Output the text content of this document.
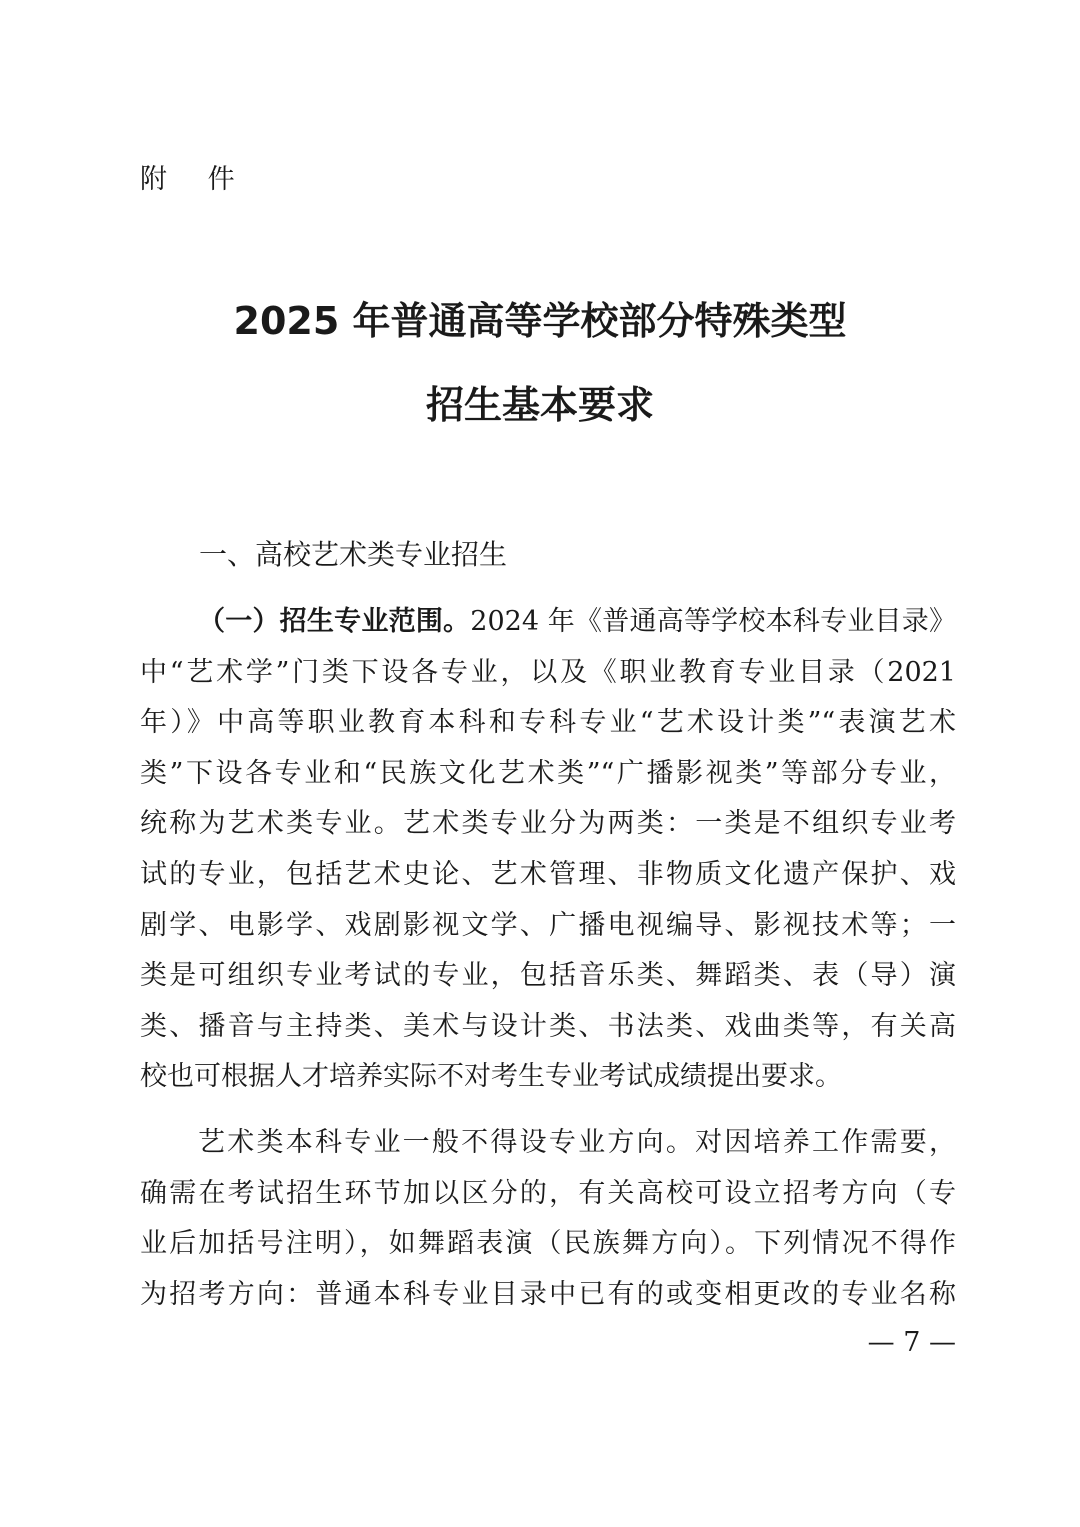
附 件
2025 年普通高等学校部分特殊类型
招生基本要求
一、高校艺术类专业招生
（一）招生专业范围。2024 年《普通高等学校本科专业目录》
中“艺术学”门类下设各专业，以及《职业教育专业目录（2021
年）》中高等职业教育本科和专科专业“艺术设计类”“表演艺术
类”下设各专业和“民族文化艺术类”“广播影视类”等部分专业，
统称为艺术类专业。艺术类专业分为两类：一类是不组织专业考
试的专业，包括艺术史论、艺术管理、非物质文化遗产保护、戏
剧学、电影学、戏剧影视文学、广播电视编导、影视技术等；一
类是可组织专业考试的专业，包括音乐类、舞蹈类、表（导）演
类、播音与主持类、美术与设计类、书法类、戏曲类等，有关高
校也可根据人才培养实际不对考生专业考试成绩提出要求。
艺术类本科专业一般不得设专业方向。对因培养工作需要，
确需在考试招生环节加以区分的，有关高校可设立招考方向（专
业后加括号注明），如舞蹈表演（民族舞方向）。下列情况不得作
为招考方向：普通本科专业目录中已有的或变相更改的专业名称
— 7 —
